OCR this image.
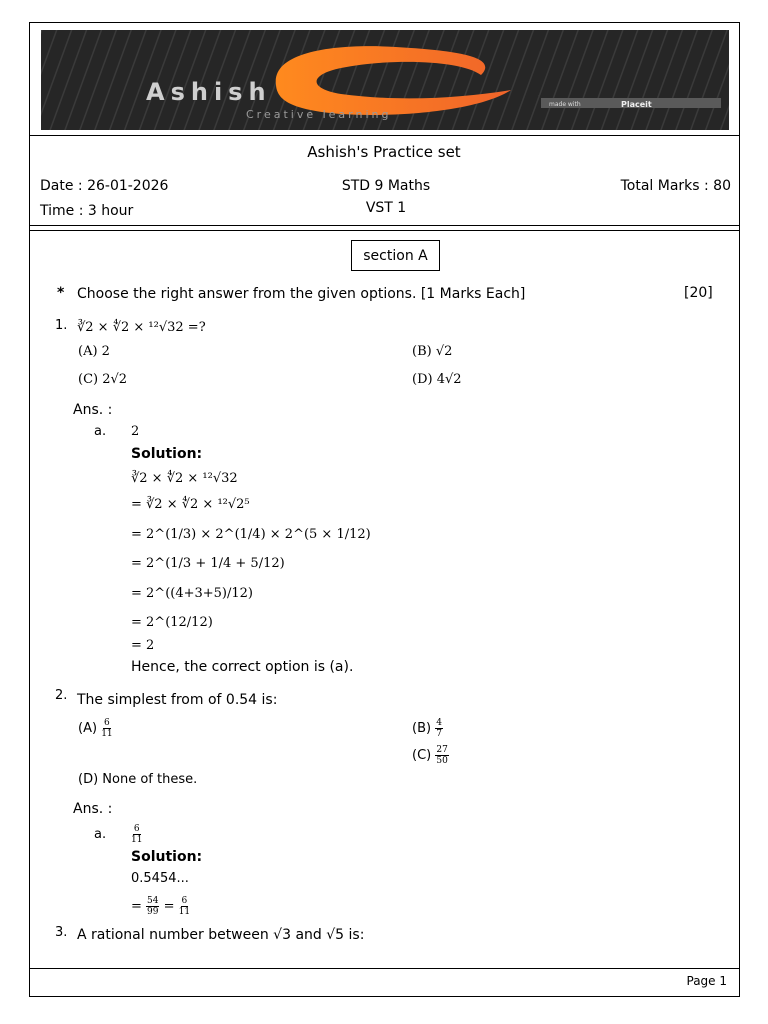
Ashish
Creative learning
made with	Placeit
Ashish's Practice set
Date : 26-01-2026
Time : 3 hour
STD 9 Maths
VST 1
Total Marks : 80
section A
* Choose the right answer from the given options. [1 Marks Each]	[20]
1. ∛2 × ∜2 × ¹²√32 =?
(A) 2	(B) √2
(C) 2√2	(D) 4√2
Ans. :
a. 2
Solution:
∛2 × ∜2 × ¹²√32
= ∛2 × ∜2 × ¹²√2⁵
= 2^(1/3) × 2^(1/4) × 2^(5 × 1/12)
= 2^(1/3 + 1/4 + 5/12)
= 2^((4+3+5)/12)
= 2^(12/12)
= 2
Hence, the correct option is (a).
2. The simplest from of 0.54 is:
$(A) \frac{6}{11}$	$(B) \frac{4}{7}$
$(C) \frac{27}{50}$
(D) None of these.
Ans. :
a.	$\frac{6}{11}$
Solution:
0.5454...
= $\frac{54}{99} = \frac{6}{11}$
3. A rational number between √3 and √5 is:
Page 1
